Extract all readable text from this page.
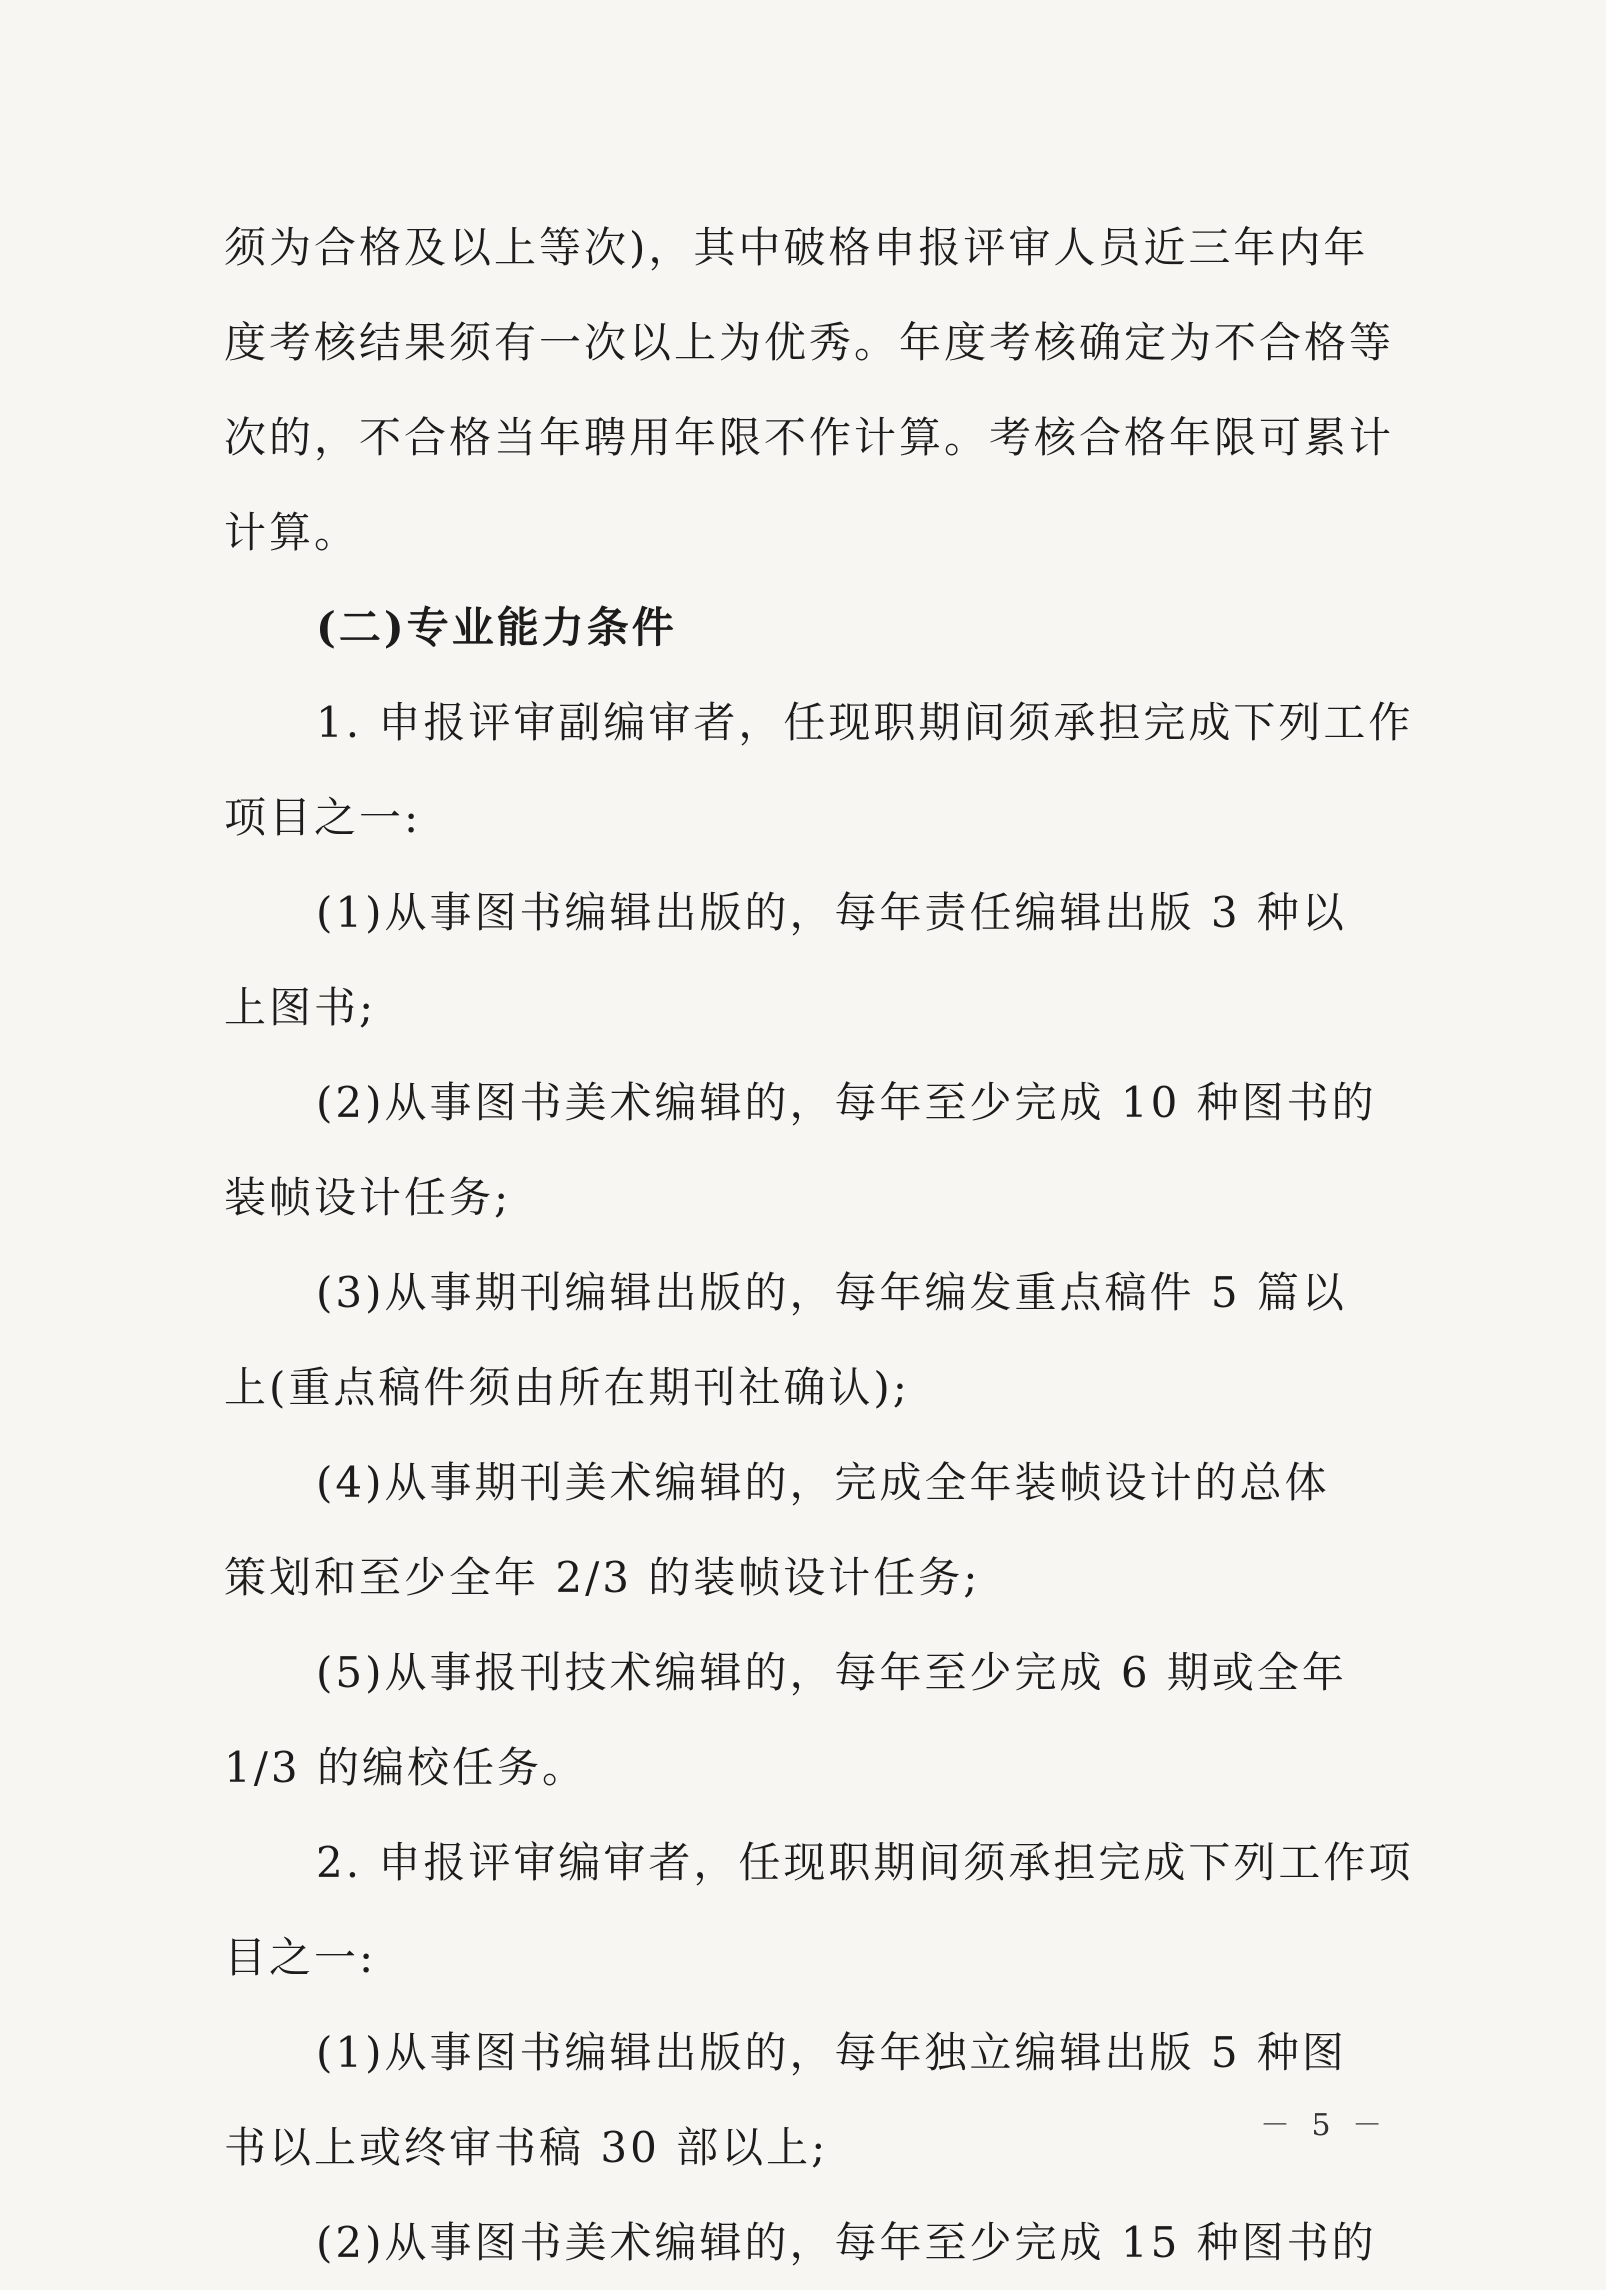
须为合格及以上等次)，其中破格申报评审人员近三年内年
度考核结果须有一次以上为优秀。年度考核确定为不合格等
次的，不合格当年聘用年限不作计算。考核合格年限可累计
计算。
(二)专业能力条件
1. 申报评审副编审者，任现职期间须承担完成下列工作
项目之一:
(1)从事图书编辑出版的，每年责任编辑出版 3 种以
上图书;
(2)从事图书美术编辑的，每年至少完成 10 种图书的
装帧设计任务;
(3)从事期刊编辑出版的，每年编发重点稿件 5 篇以
上(重点稿件须由所在期刊社确认);
(4)从事期刊美术编辑的，完成全年装帧设计的总体
策划和至少全年 2/3 的装帧设计任务;
(5)从事报刊技术编辑的，每年至少完成 6 期或全年
1/3 的编校任务。
2. 申报评审编审者，任现职期间须承担完成下列工作项
目之一:
(1)从事图书编辑出版的，每年独立编辑出版 5 种图
书以上或终审书稿 30 部以上;
(2)从事图书美术编辑的，每年至少完成 15 种图书的
－ 5 －
